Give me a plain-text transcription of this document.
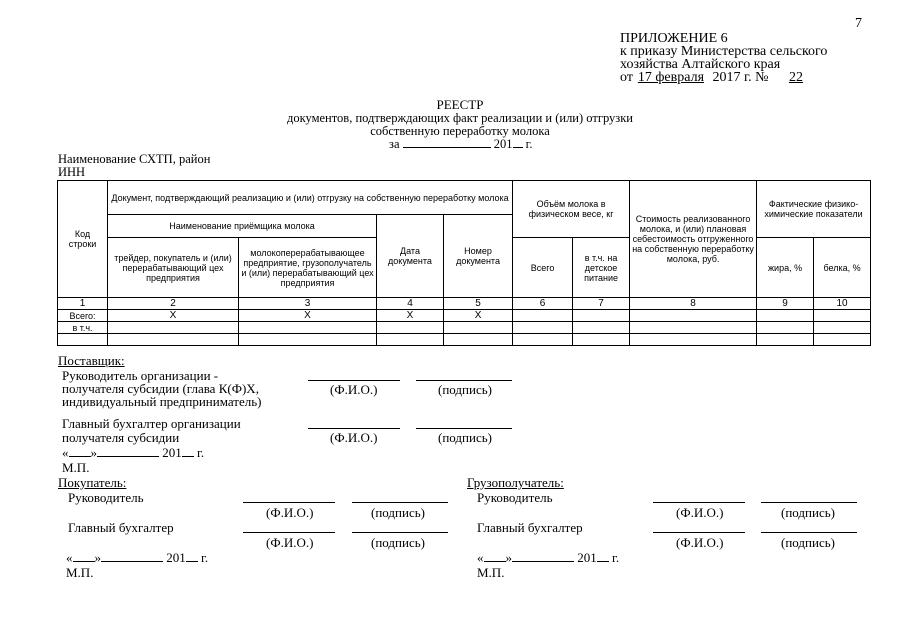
7
ПРИЛОЖЕНИЕ 6
к приказу Министерства сельского
хозяйства Алтайского края
от 17 февраля 2017 г. № 22
РЕЕСТР
документов, подтверждающих факт реализации и (или) отгрузки
собственную переработку молока
за	201 г.
Наименование СХТП, район
ИНН
Код строки	Документ, подтверждающий реализацию и (или) отгрузку на собственную переработку молока				Объём молока в физическом весе, кг		Стоимость реализованного молока, и (или) плановая себестоимость отгруженного на собственную переработку молока, руб.	Фактические физико-химические показатели	
	Наименование приёмщика молока		Дата документа	Номер документа					
	трейдер, покупатель и (или) перерабатывающий цех предприятия	молокоперерабатывающее предприятие, грузополучатель и (или) перерабатывающий цех предприятия			Всего	в т.ч. на детское питание		жира, %	белка, %
1	2	3	4	5	6	7	8	9	10
Всего:	Х	Х	Х	Х					
в т.ч.									

Поставщик:
Руководитель организации -
получателя субсидии (глава К(Ф)Х,
индивидуальный предприниматель)
(Ф.И.О.)	(подпись)
Главный бухгалтер организации
получателя субсидии	(Ф.И.О.)	(подпись)
« »	201 г.
М.П.
Покупатель:
Руководитель
(Ф.И.О.)	(подпись)
Главный бухгалтер
(Ф.И.О.)	(подпись)
« »	201 г.
М.П.
Грузополучатель:
Руководитель
(Ф.И.О.)	(подпись)
Главный бухгалтер
(Ф.И.О.)	(подпись)
« »	201 г.
М.П.
